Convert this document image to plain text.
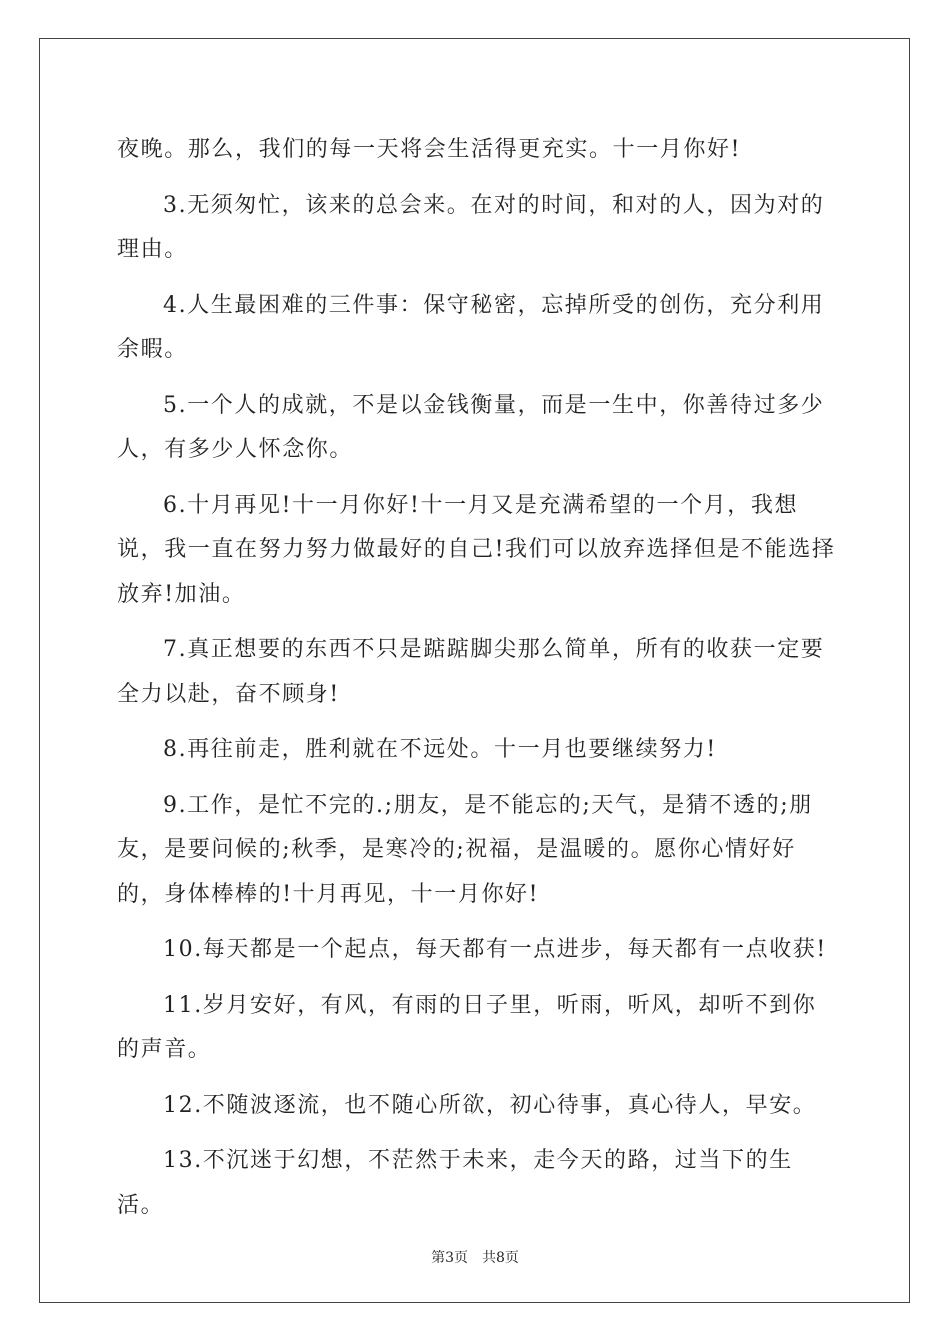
夜晚。那么，我们的每一天将会生活得更充实。十一月你好!

3.无须匆忙，该来的总会来。在对的时间，和对的人，因为对的理由。

4.人生最困难的三件事：保守秘密，忘掉所受的创伤，充分利用余暇。

5.一个人的成就，不是以金钱衡量，而是一生中，你善待过多少人，有多少人怀念你。

6.十月再见!十一月你好!十一月又是充满希望的一个月，我想说，我一直在努力努力做最好的自己!我们可以放弃选择但是不能选择放弃!加油。

7.真正想要的东西不只是踮踮脚尖那么简单，所有的收获一定要全力以赴，奋不顾身!

8.再往前走，胜利就在不远处。十一月也要继续努力!

9.工作，是忙不完的.;朋友，是不能忘的;天气，是猜不透的;朋友，是要问候的;秋季，是寒冷的;祝福，是温暖的。愿你心情好好的，身体棒棒的!十月再见，十一月你好!

10.每天都是一个起点，每天都有一点进步，每天都有一点收获!

11.岁月安好，有风，有雨的日子里，听雨，听风，却听不到你的声音。

12.不随波逐流，也不随心所欲，初心待事，真心待人，早安。

13.不沉迷于幻想，不茫然于未来，走今天的路，过当下的生活。

第3页 共8页
